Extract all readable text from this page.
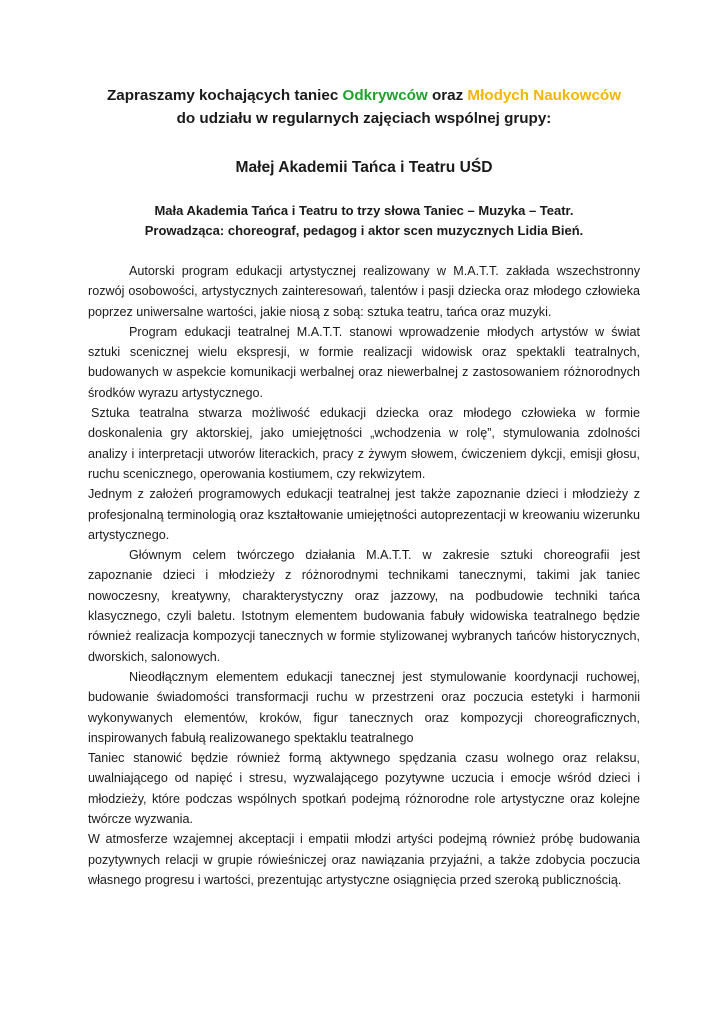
Zapraszamy kochających taniec Odkrywców oraz Młodych Naukowców
do udziału w regularnych zajęciach wspólnej grupy:

Małej Akademii Tańca i Teatru UŚD

Mała Akademia Tańca i Teatru to trzy słowa Taniec – Muzyka – Teatr.
Prowadząca: choreograf, pedagog i aktor scen muzycznych Lidia Bień.

Autorski program edukacji artystycznej realizowany w M.A.T.T. zakłada wszechstronny rozwój osobowości, artystycznych zainteresowań, talentów i pasji dziecka oraz młodego człowieka poprzez uniwersalne wartości, jakie niosą z sobą: sztuka teatru, tańca oraz muzyki.

Program edukacji teatralnej M.A.T.T. stanowi wprowadzenie młodych artystów w świat sztuki scenicznej wielu ekspresji, w formie realizacji widowisk oraz spektakli teatralnych, budowanych w aspekcie komunikacji werbalnej oraz niewerbalnej z zastosowaniem różnorodnych środków wyrazu artystycznego.

Sztuka teatralna stwarza możliwość edukacji dziecka oraz młodego człowieka w formie doskonalenia gry aktorskiej, jako umiejętności „wchodzenia w rolę”, stymulowania zdolności analizy i interpretacji utworów literackich, pracy z żywym słowem, ćwiczeniem dykcji, emisji głosu, ruchu scenicznego, operowania kostiumem, czy rekwizytem.

Jednym z założeń programowych edukacji teatralnej jest także zapoznanie dzieci i młodzieży z profesjonalną terminologią oraz kształtowanie umiejętności autoprezentacji w kreowaniu wizerunku artystycznego.

Głównym celem twórczego działania M.A.T.T. w zakresie sztuki choreografii jest zapoznanie dzieci i młodzieży z różnorodnymi technikami tanecznymi, takimi jak taniec nowoczesny, kreatywny, charakterystyczny oraz jazzowy, na podbudowie techniki tańca klasycznego, czyli baletu. Istotnym elementem budowania fabuły widowiska teatralnego będzie również realizacja kompozycji tanecznych w formie stylizowanej wybranych tańców historycznych, dworskich, salonowych.

Nieodłącznym elementem edukacji tanecznej jest stymulowanie koordynacji ruchowej, budowanie świadomości transformacji ruchu w przestrzeni oraz poczucia estetyki i harmonii wykonywanych elementów, kroków, figur tanecznych oraz kompozycji choreograficznych, inspirowanych fabułą realizowanego spektaklu teatralnego

Taniec stanowić będzie również formą aktywnego spędzania czasu wolnego oraz relaksu, uwalniającego od napięć i stresu, wyzwalającego pozytywne uczucia i emocje wśród dzieci i młodzieży, które podczas wspólnych spotkań podejmą różnorodne role artystyczne oraz kolejne twórcze wyzwania.

W atmosferze wzajemnej akceptacji i empatii młodzi artyści podejmą również próbę budowania pozytywnych relacji w grupie rówieśniczej oraz nawiązania przyjaźni, a także zdobycia poczucia własnego progresu i wartości, prezentując artystyczne osiągnięcia przed szeroką publicznością.
